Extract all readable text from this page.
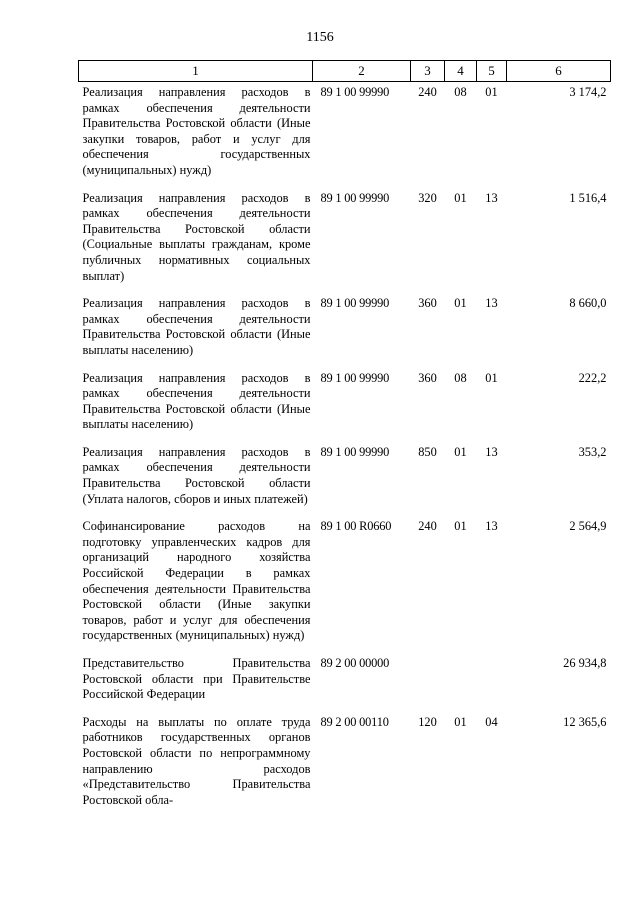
1156
1	2	3	4	5	6
Реализация направления расходов в рамках обеспечения деятельности Правительства Ростовской области (Иные закупки товаров, работ и услуг для обеспечения государственных (муниципальных) нужд)	89 1 00 99990	240	08	01	3 174,2
Реализация направления расходов в рамках обеспечения деятельности Правительства Ростовской области (Социальные выплаты гражданам, кроме публичных нормативных социальных выплат)	89 1 00 99990	320	01	13	1 516,4
Реализация направления расходов в рамках обеспечения деятельности Правительства Ростовской области (Иные выплаты населению)	89 1 00 99990	360	01	13	8 660,0
Реализация направления расходов в рамках обеспечения деятельности Правительства Ростовской области (Иные выплаты населению)	89 1 00 99990	360	08	01	222,2
Реализация направления расходов в рамках обеспечения деятельности Правительства Ростовской области (Уплата налогов, сборов и иных платежей)	89 1 00 99990	850	01	13	353,2
Софинансирование расходов на подготовку управленческих кадров для организаций народного хозяйства Российской Федерации в рамках обеспечения деятельности Правительства Ростовской области (Иные закупки товаров, работ и услуг для обеспечения государственных (муниципальных) нужд)	89 1 00 R0660	240	01	13	2 564,9
Представительство Правительства Ростовской области при Правительстве Российской Федерации	89 2 00 00000				26 934,8
Расходы на выплаты по оплате труда работников государственных органов Ростовской области по непрограммному направлению расходов «Представительство Правительства Ростовской обла-	89 2 00 00110	120	01	04	12 365,6
